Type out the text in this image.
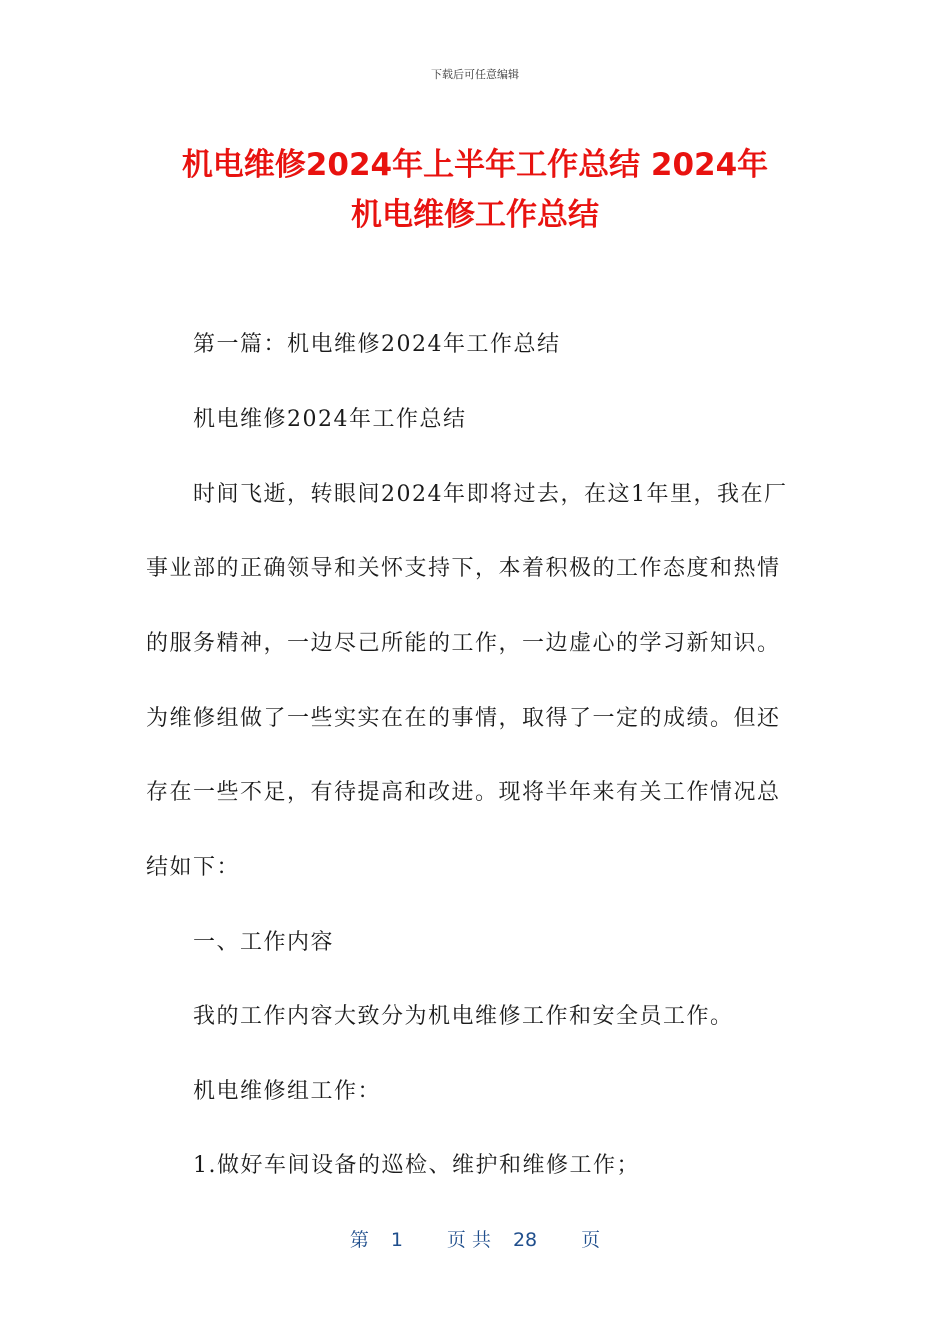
下载后可任意编辑
机电维修2024年上半年工作总结 2024年
机电维修工作总结

第一篇：机电维修2024年工作总结

机电维修2024年工作总结

时间飞逝，转眼间2024年即将过去，在这1年里，我在厂

事业部的正确领导和关怀支持下，本着积极的工作态度和热情

的服务精神，一边尽己所能的工作，一边虚心的学习新知识。

为维修组做了一些实实在在的事情，取得了一定的成绩。但还

存在一些不足，有待提高和改进。现将半年来有关工作情况总

结如下：

一、工作内容

我的工作内容大致分为机电维修工作和安全员工作。

机电维修组工作：

1.做好车间设备的巡检、维护和维修工作；

第 1 页 共 28 页
